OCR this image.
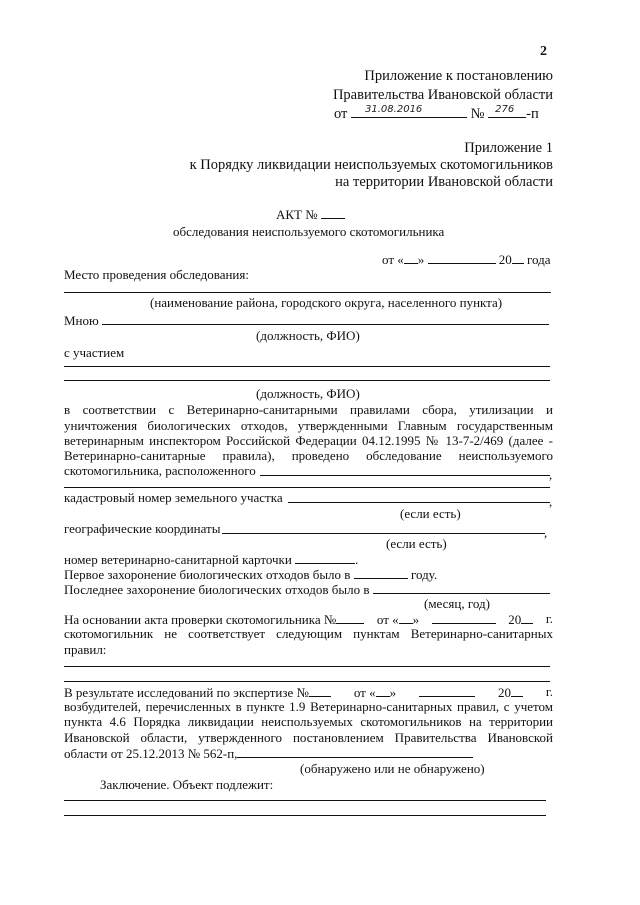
2
Приложение к постановлению
Правительства Ивановской области
от 31.08.2016	№ 276 -п
Приложение 1
к Порядку ликвидации неиспользуемых скотомогильников
на территории Ивановской области
АКТ №
обследования неиспользуемого скотомогильника
от « »	20 года
Место проведения обследования:
(наименование района, городского округа, населенного пункта)
Мною
(должность, ФИО)
с участием
(должность, ФИО)
в соответствии с Ветеринарно-санитарными правилами сбора, утилизации и
уничтожения биологических отходов, утвержденными Главным государственным
ветеринарным инспектором Российской Федерации 04.12.1995 № 13-7-2/469 (далее -
Ветеринарно-санитарные правила), проведено обследование неиспользуемого
скотомогильника, расположенного	,
кадастровый номер земельного участка	,
(если есть)
географические координаты	,
(если есть)
номер ветеринарно-санитарной карточки	.
Первое захоронение биологических отходов было в	году.
Последнее захоронение биологических отходов было в
(месяц, год)
На основании акта проверки скотомогильника №	от « »	20	г.
скотомогильник не соответствует следующим пунктам Ветеринарно-санитарных
правил:
В результате исследований по экспертизе №	от « »	20	г.
возбудителей, перечисленных в пункте 1.9 Ветеринарно-санитарных правил, с учетом
пункта 4.6 Порядка ликвидации неиспользуемых скотомогильников на территории
Ивановской области, утвержденного постановлением Правительства Ивановской
области от 25.12.2013 № 562-п,
(обнаружено или не обнаружено)
Заключение. Объект подлежит:
